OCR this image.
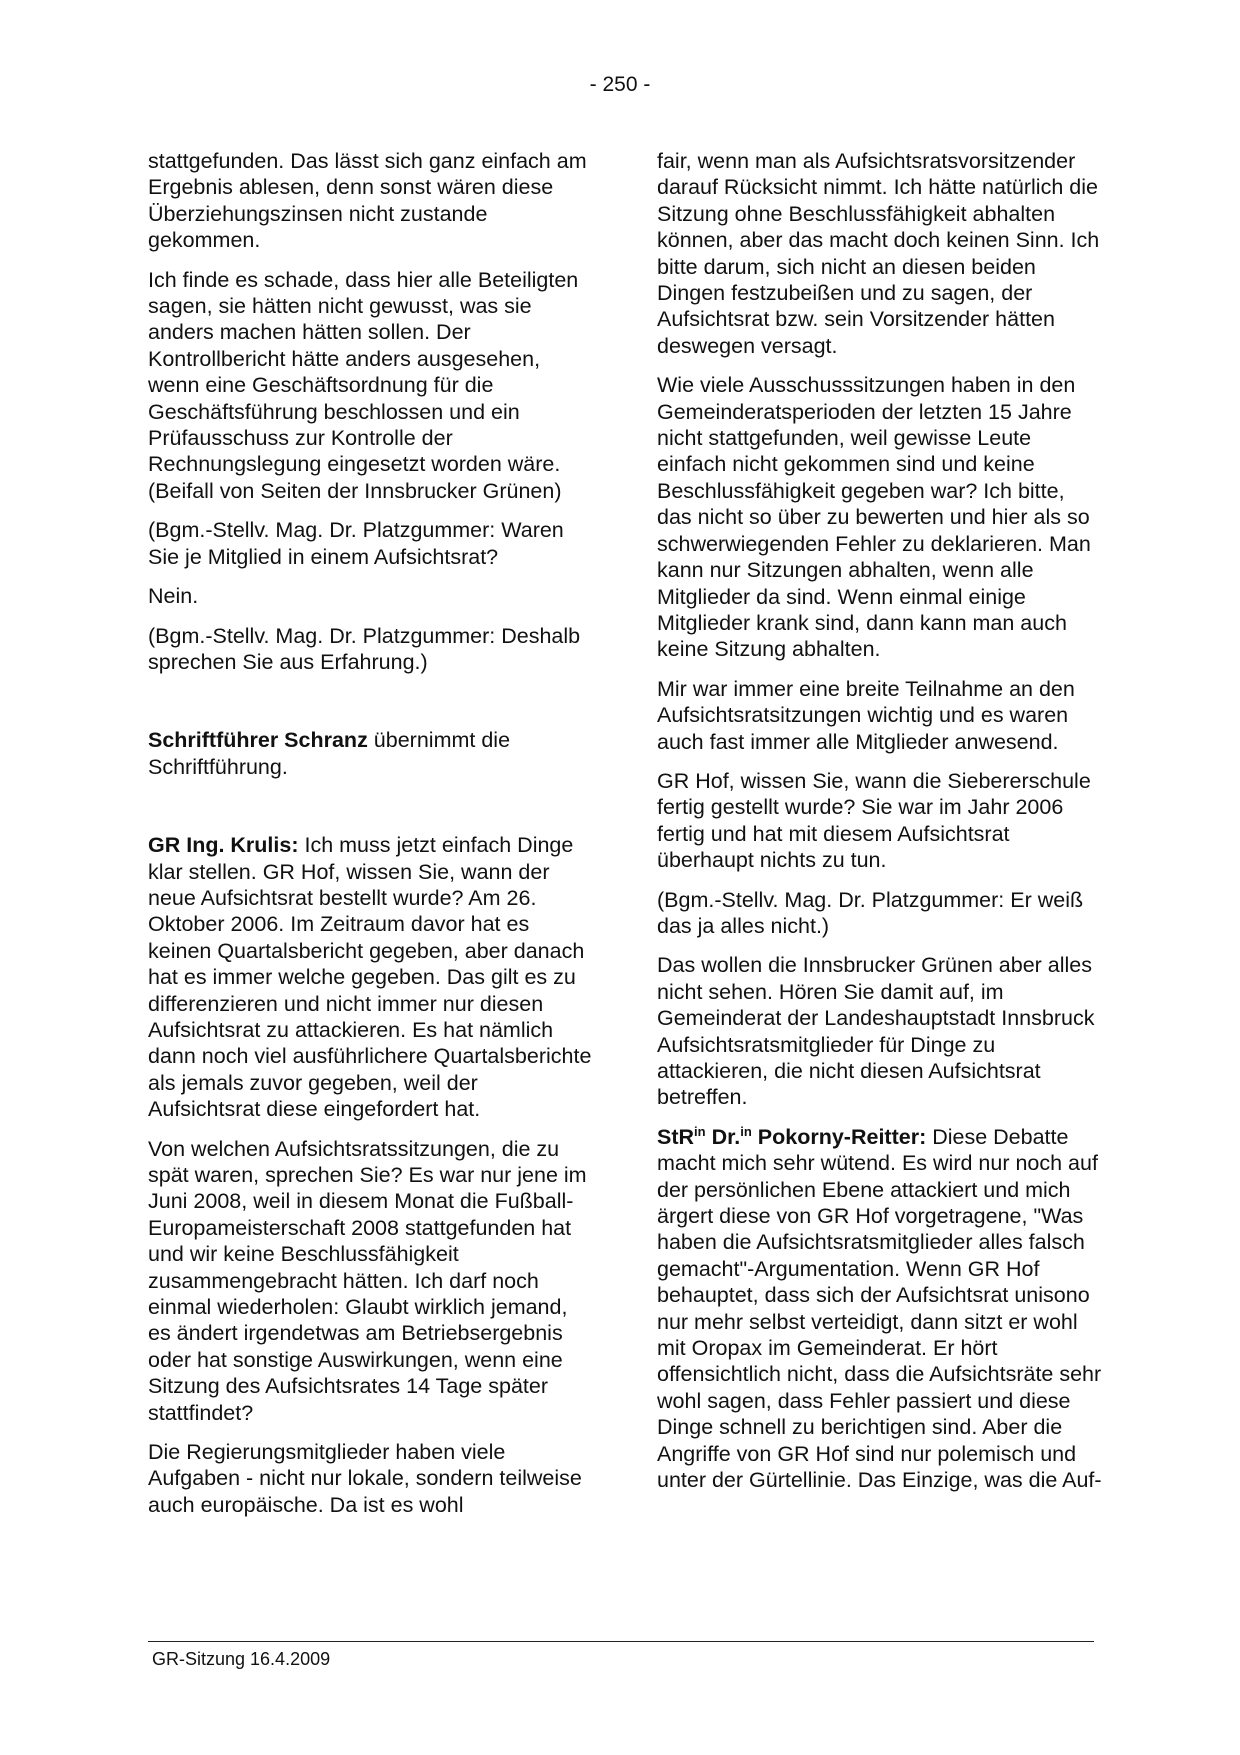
- 250 -

stattgefunden. Das lässt sich ganz einfach am Ergebnis ablesen, denn sonst wären diese Überziehungszinsen nicht zustande gekommen.

Ich finde es schade, dass hier alle Beteiligten sagen, sie hätten nicht gewusst, was sie anders machen hätten sollen. Der Kontrollbericht hätte anders ausgesehen, wenn eine Geschäftsordnung für die Geschäftsführung beschlossen und ein Prüfausschuss zur Kontrolle der Rechnungslegung eingesetzt worden wäre. (Beifall von Seiten der Innsbrucker Grünen)

(Bgm.-Stellv. Mag. Dr. Platzgummer: Waren Sie je Mitglied in einem Aufsichtsrat?

Nein.

(Bgm.-Stellv. Mag. Dr. Platzgummer: Deshalb sprechen Sie aus Erfahrung.)

Schriftführer Schranz übernimmt die Schriftführung.

GR Ing. Krulis: Ich muss jetzt einfach Dinge klar stellen. GR Hof, wissen Sie, wann der neue Aufsichtsrat bestellt wurde? Am 26. Oktober 2006. Im Zeitraum davor hat es keinen Quartalsbericht gegeben, aber danach hat es immer welche gegeben. Das gilt es zu differenzieren und nicht immer nur diesen Aufsichtsrat zu attackieren. Es hat nämlich dann noch viel ausführlichere Quartalsberichte als jemals zuvor gegeben, weil der Aufsichtsrat diese eingefordert hat.

Von welchen Aufsichtsratssitzungen, die zu spät waren, sprechen Sie? Es war nur jene im Juni 2008, weil in diesem Monat die Fußball-Europameisterschaft 2008 stattgefunden hat und wir keine Beschlussfähigkeit zusammengebracht hätten. Ich darf noch einmal wiederholen: Glaubt wirklich jemand, es ändert irgendetwas am Betriebsergebnis oder hat sonstige Auswirkungen, wenn eine Sitzung des Aufsichtsrates 14 Tage später stattfindet?

Die Regierungsmitglieder haben viele Aufgaben - nicht nur lokale, sondern teilweise auch europäische. Da ist es wohl

fair, wenn man als Aufsichtsratsvorsitzender darauf Rücksicht nimmt. Ich hätte natürlich die Sitzung ohne Beschlussfähigkeit abhalten können, aber das macht doch keinen Sinn. Ich bitte darum, sich nicht an diesen beiden Dingen festzubeißen und zu sagen, der Aufsichtsrat bzw. sein Vorsitzender hätten deswegen versagt.

Wie viele Ausschusssitzungen haben in den Gemeinderatsperioden der letzten 15 Jahre nicht stattgefunden, weil gewisse Leute einfach nicht gekommen sind und keine Beschlussfähigkeit gegeben war? Ich bitte, das nicht so über zu bewerten und hier als so schwerwiegenden Fehler zu deklarieren. Man kann nur Sitzungen abhalten, wenn alle Mitglieder da sind. Wenn einmal einige Mitglieder krank sind, dann kann man auch keine Sitzung abhalten.

Mir war immer eine breite Teilnahme an den Aufsichtsratsitzungen wichtig und es waren auch fast immer alle Mitglieder anwesend.

GR Hof, wissen Sie, wann die Siebererschule fertig gestellt wurde? Sie war im Jahr 2006 fertig und hat mit diesem Aufsichtsrat überhaupt nichts zu tun.

(Bgm.-Stellv. Mag. Dr. Platzgummer: Er weiß das ja alles nicht.)

Das wollen die Innsbrucker Grünen aber alles nicht sehen. Hören Sie damit auf, im Gemeinderat der Landeshauptstadt Innsbruck Aufsichtsratsmitglieder für Dinge zu attackieren, die nicht diesen Aufsichtsrat betreffen.

StR$^{in}$ Dr.$^{in}$ Pokorny-Reitter: Diese Debatte macht mich sehr wütend. Es wird nur noch auf der persönlichen Ebene attackiert und mich ärgert diese von GR Hof vorgetragene, "Was haben die Aufsichtsratsmitglieder alles falsch gemacht"-Argumentation. Wenn GR Hof behauptet, dass sich der Aufsichtsrat unisono nur mehr selbst verteidigt, dann sitzt er wohl mit Oropax im Gemeinderat. Er hört offensichtlich nicht, dass die Aufsichtsräte sehr wohl sagen, dass Fehler passiert und diese Dinge schnell zu berichtigen sind. Aber die Angriffe von GR Hof sind nur polemisch und unter der Gürtellinie. Das Einzige, was die Auf-

GR-Sitzung 16.4.2009
